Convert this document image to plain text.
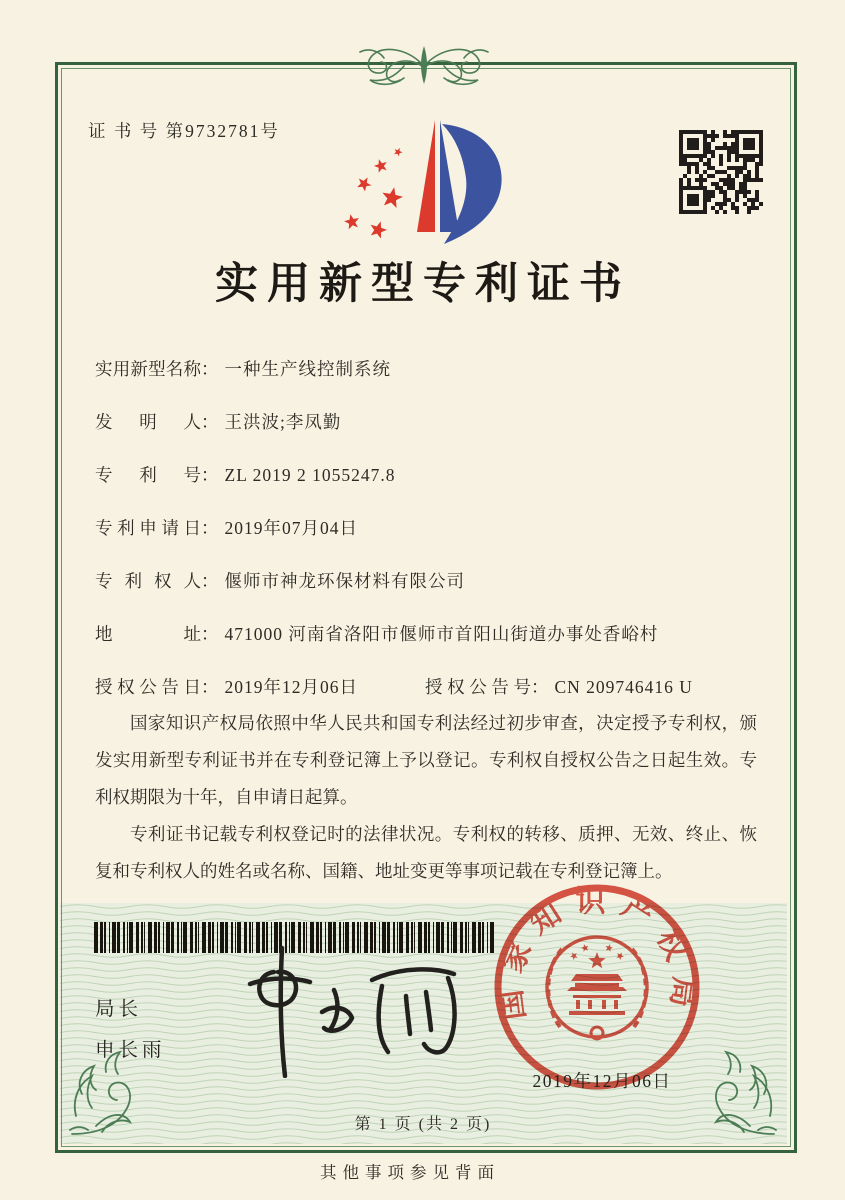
证 书 号 第9732781号
实用新型专利证书
实用新型名称： 一种生产线控制系统
发明人： 王洪波;李凤勤
专利号： ZL 2019 2 1055247.8
专利申请日： 2019年07月04日
专利权人： 偃师市神龙环保材料有限公司
地址： 471000 河南省洛阳市偃师市首阳山街道办事处香峪村
授权公告日： 2019年12月06日	授权公告号： CN 209746416 U

国家知识产权局依照中华人民共和国专利法经过初步审查，决定授予专利权，颁发实用新型专利证书并在专利登记簿上予以登记。专利权自授权公告之日起生效。专利权期限为十年，自申请日起算。

专利证书记载专利权登记时的法律状况。专利权的转移、质押、无效、终止、恢复和专利权人的姓名或名称、国籍、地址变更等事项记载在专利登记簿上。

局长
申长雨
国家知识产权局
2019年12月06日
第 1 页 (共 2 页)
其他事项参见背面
